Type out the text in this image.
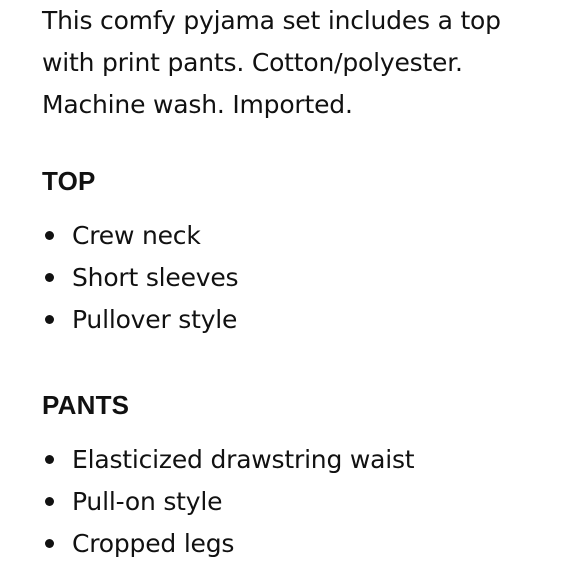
This comfy pyjama set includes a top
with print pants. Cotton/polyester.
Machine wash. Imported.

TOP
Crew neck
Short sleeves
Pullover style
PANTS
Elasticized drawstring waist
Pull-on style
Cropped legs
